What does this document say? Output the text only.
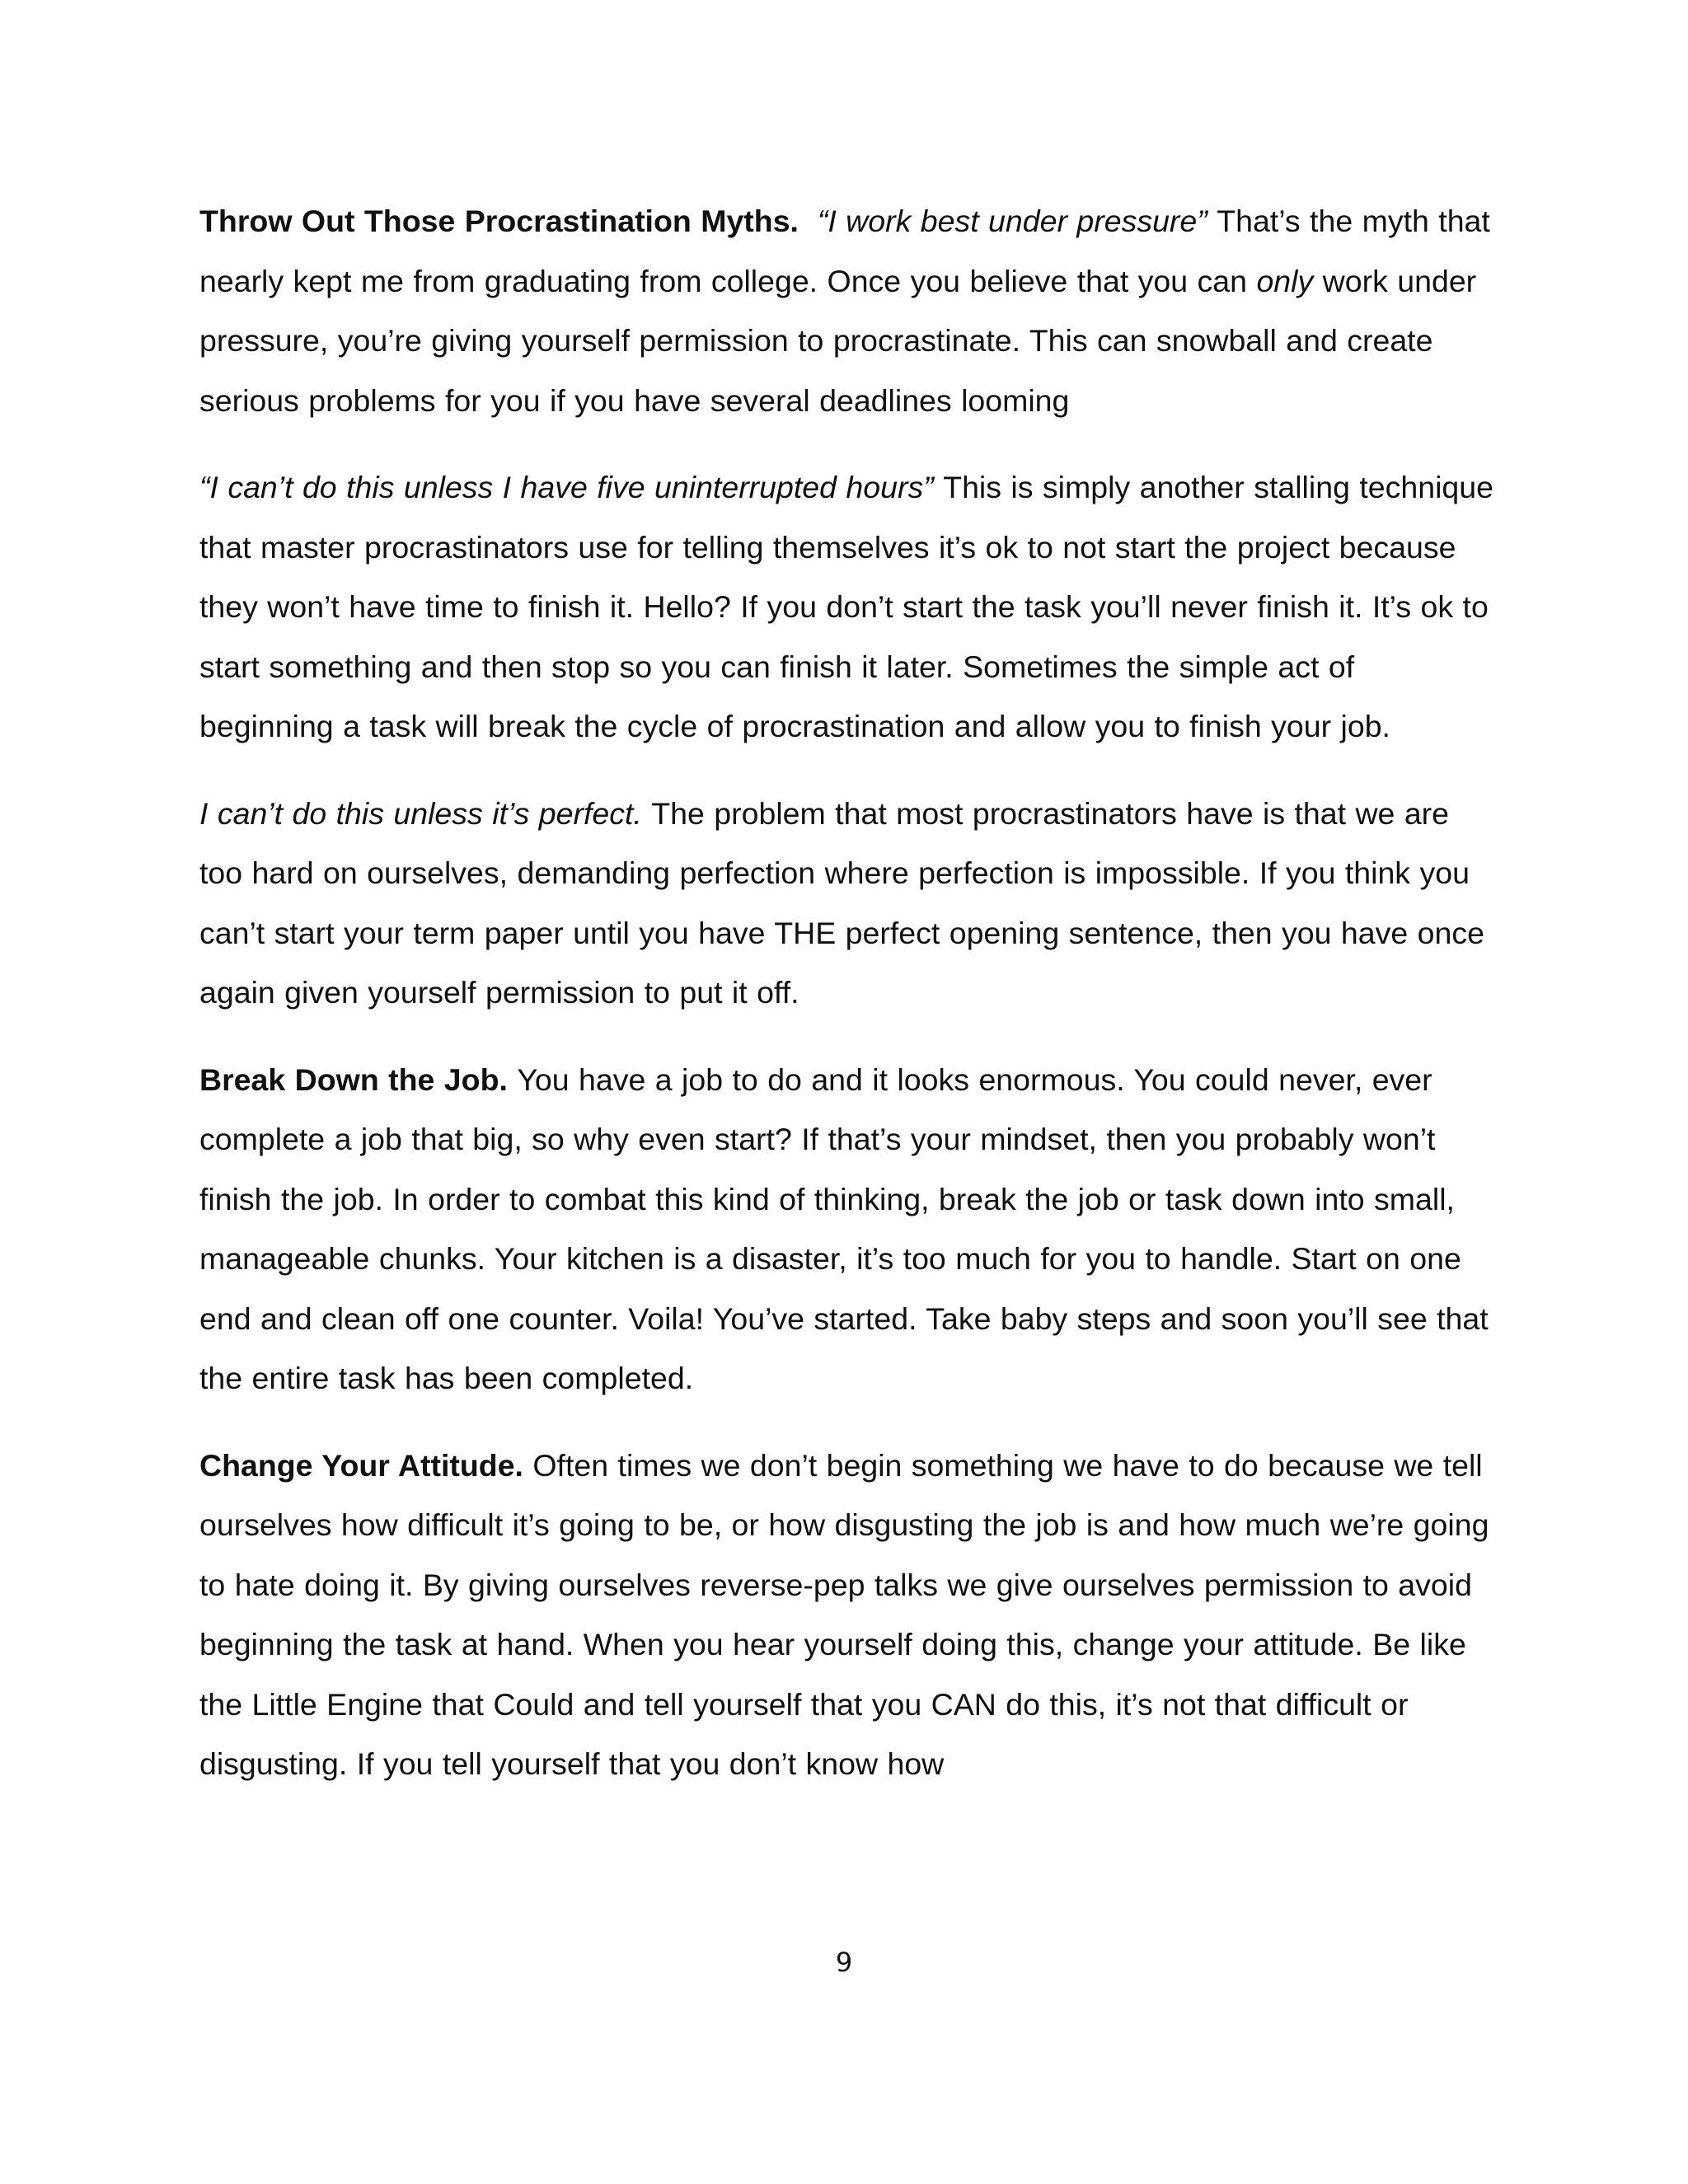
Throw Out Those Procrastination Myths. “I work best under pressure” That’s the myth that nearly kept me from graduating from college. Once you believe that you can only work under pressure, you’re giving yourself permission to procrastinate. This can snowball and create serious problems for you if you have several deadlines looming

“I can’t do this unless I have five uninterrupted hours” This is simply another stalling technique that master procrastinators use for telling themselves it’s ok to not start the project because they won’t have time to finish it. Hello? If you don’t start the task you’ll never finish it. It’s ok to start something and then stop so you can finish it later. Sometimes the simple act of beginning a task will break the cycle of procrastination and allow you to finish your job.

I can’t do this unless it’s perfect. The problem that most procrastinators have is that we are too hard on ourselves, demanding perfection where perfection is impossible. If you think you can’t start your term paper until you have THE perfect opening sentence, then you have once again given yourself permission to put it off.

Break Down the Job. You have a job to do and it looks enormous. You could never, ever complete a job that big, so why even start? If that’s your mindset, then you probably won’t finish the job. In order to combat this kind of thinking, break the job or task down into small, manageable chunks. Your kitchen is a disaster, it’s too much for you to handle. Start on one end and clean off one counter. Voila! You’ve started. Take baby steps and soon you’ll see that the entire task has been completed.

Change Your Attitude. Often times we don’t begin something we have to do because we tell ourselves how difficult it’s going to be, or how disgusting the job is and how much we’re going to hate doing it. By giving ourselves reverse-pep talks we give ourselves permission to avoid beginning the task at hand. When you hear yourself doing this, change your attitude. Be like the Little Engine that Could and tell yourself that you CAN do this, it’s not that difficult or disgusting. If you tell yourself that you don’t know how

9
